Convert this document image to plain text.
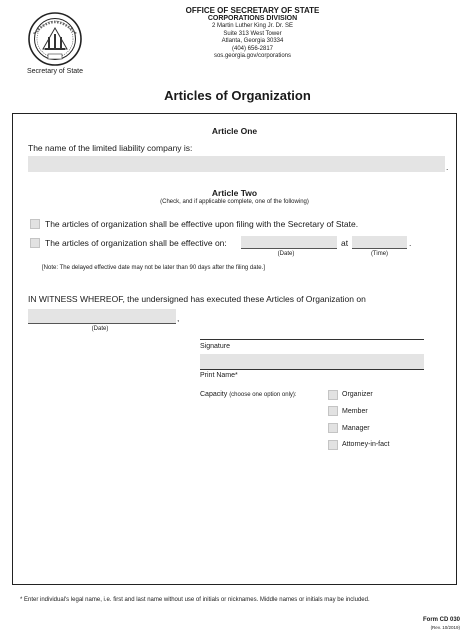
Secretary of State
OFFICE OF SECRETARY OF STATE
CORPORATIONS DIVISION
2 Martin Luther King Jr. Dr. SE
Suite 313 West Tower
Atlanta, Georgia 30334
(404) 656-2817
sos.georgia.gov/corporations
Articles of Organization
Article One
The name of the limited liability company is:
.
Article Two
(Check, and if applicable complete, one of the following)
The articles of organization shall be effective upon filing with the Secretary of State.
The articles of organization shall be effective on:	at	.
(Date)	(Time)
[Note: The delayed effective date may not be later than 90 days after the filing date.]
IN WITNESS WHEREOF, the undersigned has executed these Articles of Organization on
,
(Date)
Signature
Print Name*
Capacity (choose one option only):	Organizer
Member
Manager
Attorney-in-fact
* Enter individual's legal name, i.e. first and last name without use of initials or nicknames. Middle names or initials may be included.
Form CD 030
(Rev. 10/2019)
